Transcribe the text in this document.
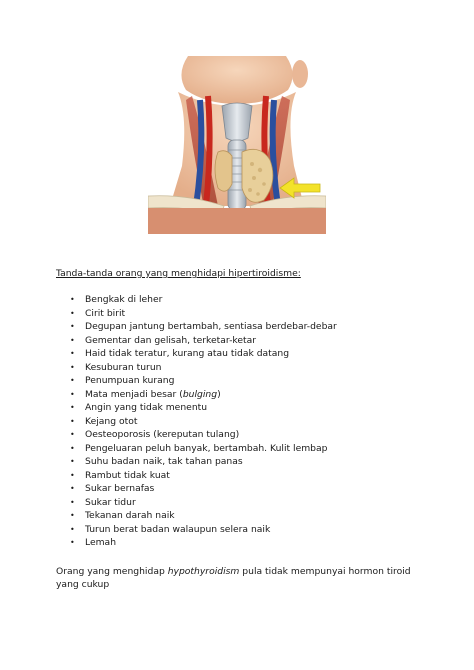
Tanda-tanda orang yang menghidapi hipertiroidisme:
• Bengkak di leher
• Cirit birit
• Degupan jantung bertambah, sentiasa berdebar-debar
• Gementar dan gelisah, terketar-ketar
• Haid tidak teratur, kurang atau tidak datang
• Kesuburan turun
• Penumpuan kurang
• Mata menjadi besar (bulging)
• Angin yang tidak menentu
• Kejang otot
• Oesteoporosis (kereputan tulang)
• Pengeluaran peluh banyak, bertambah. Kulit lembap
• Suhu badan naik, tak tahan panas
• Rambut tidak kuat
• Sukar bernafas
• Sukar tidur
• Tekanan darah naik
• Turun berat badan walaupun selera naik
• Lemah

Orang yang menghidap hypothyroidism pula tidak mempunyai hormon tiroid yang cukup
